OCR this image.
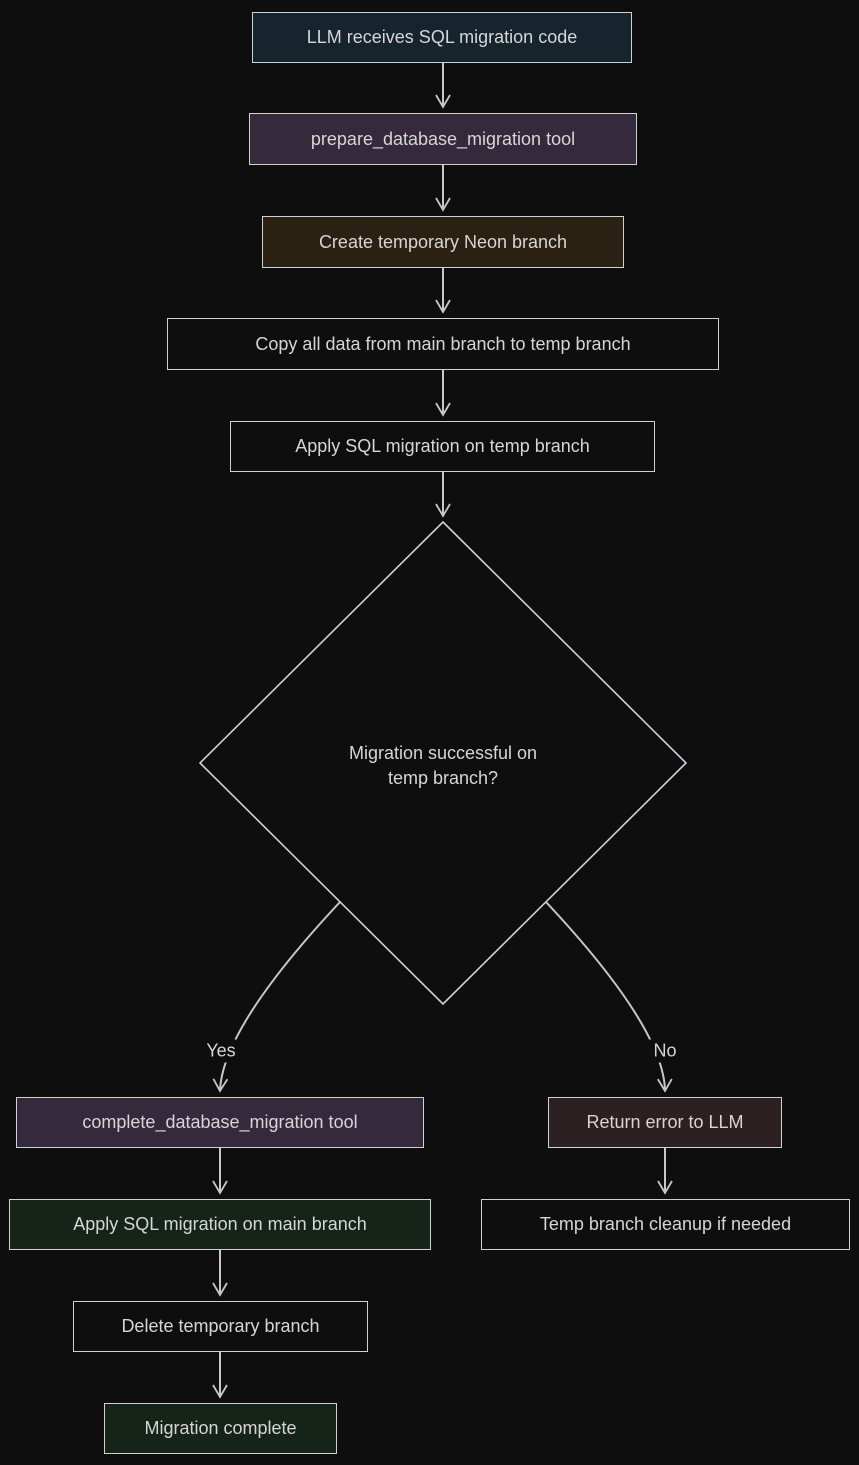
LLM receives SQL migration code
prepare_database_migration tool
Create temporary Neon branch
Copy all data from main branch to temp branch
Apply SQL migration on temp branch
Migration successful on temp branch?
Yes	No
complete_database_migration tool	Return error to LLM
Apply SQL migration on main branch	Temp branch cleanup if needed
Delete temporary branch
Migration complete
